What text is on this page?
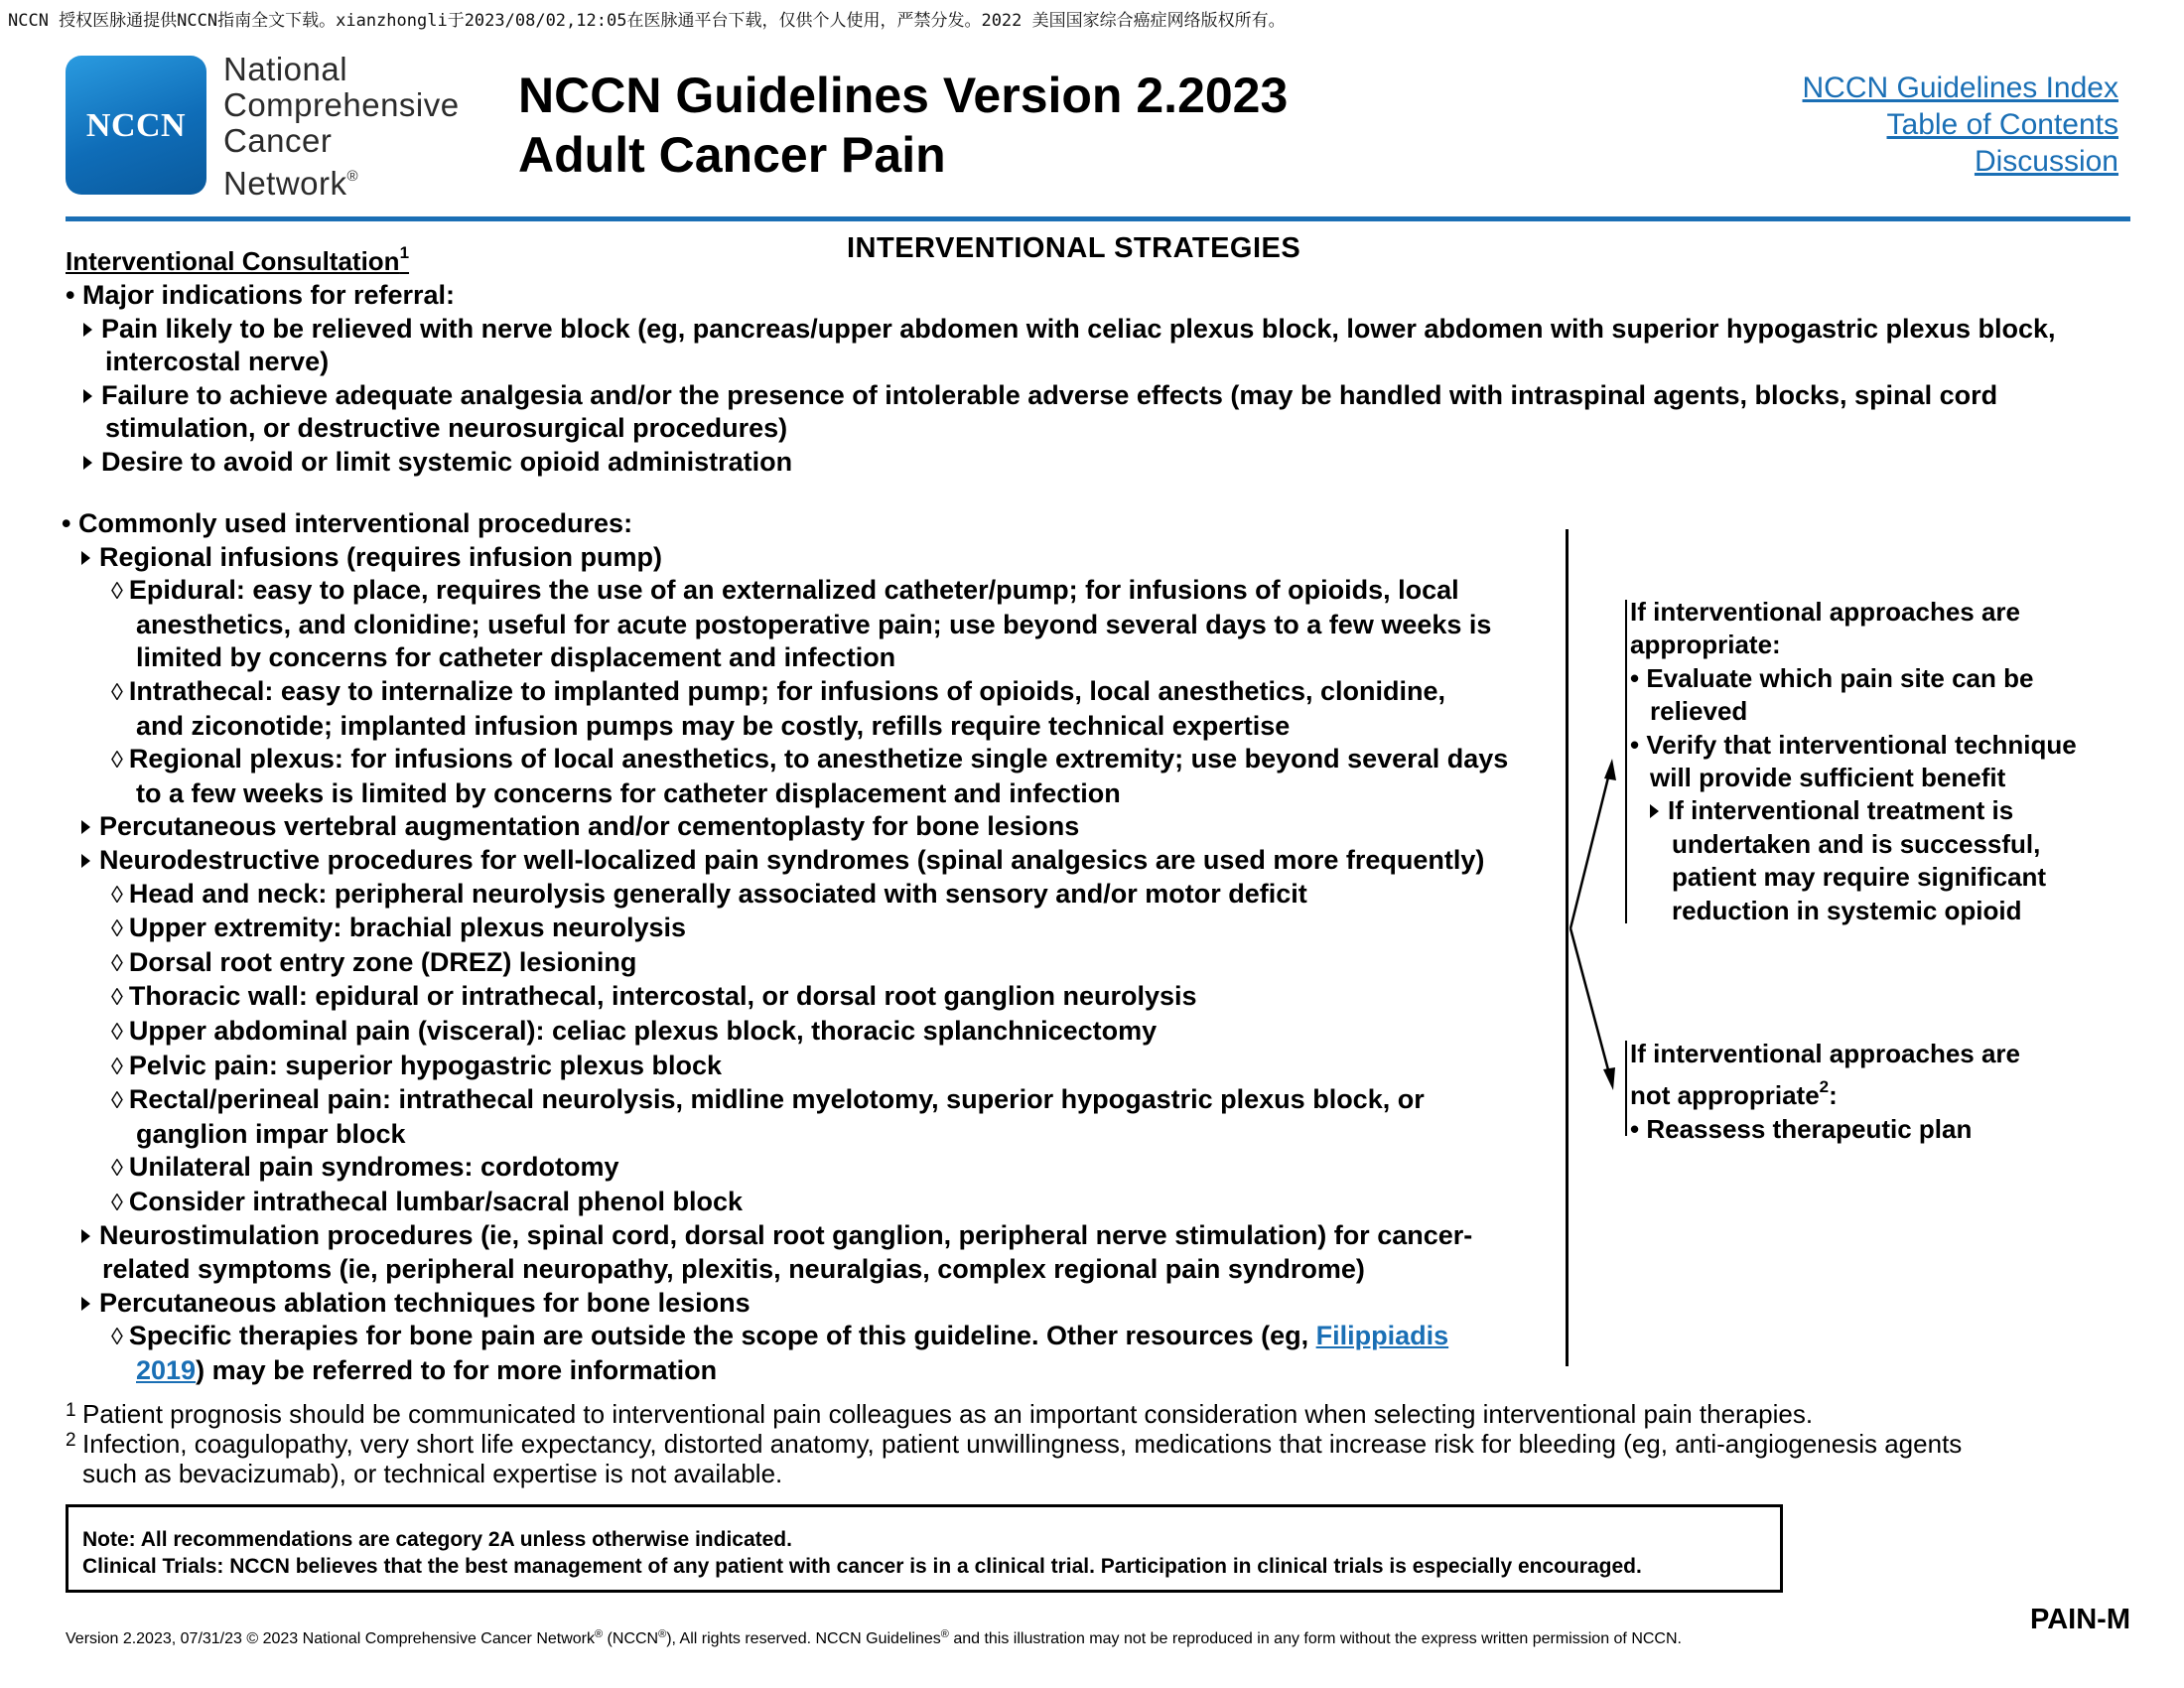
NCCN 授权医脉通提供NCCN指南全文下载。xianzhongli于2023/08/02,12:05在医脉通平台下载，仅供个人使用，严禁分发。2022 美国国家综合癌症网络版权所有。
NCCN
National
Comprehensive
Cancer
Network®
NCCN Guidelines Version 2.2023
Adult Cancer Pain
NCCN Guidelines Index
Table of Contents
Discussion
INTERVENTIONAL STRATEGIES
Interventional Consultation$^1$
• Major indications for referral:
Pain likely to be relieved with nerve block (eg, pancreas/upper abdomen with celiac plexus block, lower abdomen with superior hypogastric plexus block,
intercostal nerve)
Failure to achieve adequate analgesia and/or the presence of intolerable adverse effects (may be handled with intraspinal agents, blocks, spinal cord
stimulation, or destructive neurosurgical procedures)
Desire to avoid or limit systemic opioid administration
• Commonly used interventional procedures:
Regional infusions (requires infusion pump)
◊ Epidural: easy to place, requires the use of an externalized catheter/pump; for infusions of opioids, local
anesthetics, and clonidine; useful for acute postoperative pain; use beyond several days to a few weeks is
limited by concerns for catheter displacement and infection
◊ Intrathecal: easy to internalize to implanted pump; for infusions of opioids, local anesthetics, clonidine,
and ziconotide; implanted infusion pumps may be costly, refills require technical expertise
◊ Regional plexus: for infusions of local anesthetics, to anesthetize single extremity; use beyond several days
to a few weeks is limited by concerns for catheter displacement and infection
Percutaneous vertebral augmentation and/or cementoplasty for bone lesions
Neurodestructive procedures for well-localized pain syndromes (spinal analgesics are used more frequently)
◊ Head and neck: peripheral neurolysis generally associated with sensory and/or motor deficit
◊ Upper extremity: brachial plexus neurolysis
◊ Dorsal root entry zone (DREZ) lesioning
◊ Thoracic wall: epidural or intrathecal, intercostal, or dorsal root ganglion neurolysis
◊ Upper abdominal pain (visceral): celiac plexus block, thoracic splanchnicectomy
◊ Pelvic pain: superior hypogastric plexus block
◊ Rectal/perineal pain: intrathecal neurolysis, midline myelotomy, superior hypogastric plexus block, or
ganglion impar block
◊ Unilateral pain syndromes: cordotomy
◊ Consider intrathecal lumbar/sacral phenol block
Neurostimulation procedures (ie, spinal cord, dorsal root ganglion, peripheral nerve stimulation) for cancer-
related symptoms (ie, peripheral neuropathy, plexitis, neuralgias, complex regional pain syndrome)
Percutaneous ablation techniques for bone lesions
◊ Specific therapies for bone pain are outside the scope of this guideline. Other resources (eg, Filippiadis
2019) may be referred to for more information
If interventional approaches are
appropriate:
• Evaluate which pain site can be
relieved
• Verify that interventional technique
will provide sufficient benefit
If interventional treatment is
undertaken and is successful,
patient may require significant
reduction in systemic opioid
If interventional approaches are
not appropriate$^2$:
• Reassess therapeutic plan
1 Patient prognosis should be communicated to interventional pain colleagues as an important consideration when selecting interventional pain therapies.
2 Infection, coagulopathy, very short life expectancy, distorted anatomy, patient unwillingness, medications that increase risk for bleeding (eg, anti-angiogenesis agents
such as bevacizumab), or technical expertise is not available.
Note: All recommendations are category 2A unless otherwise indicated.
Clinical Trials: NCCN believes that the best management of any patient with cancer is in a clinical trial. Participation in clinical trials is especially encouraged.
Version 2.2023, 07/31/23 © 2023 National Comprehensive Cancer Network® (NCCN®), All rights reserved. NCCN Guidelines® and this illustration may not be reproduced in any form without the express written permission of NCCN.
PAIN-M
